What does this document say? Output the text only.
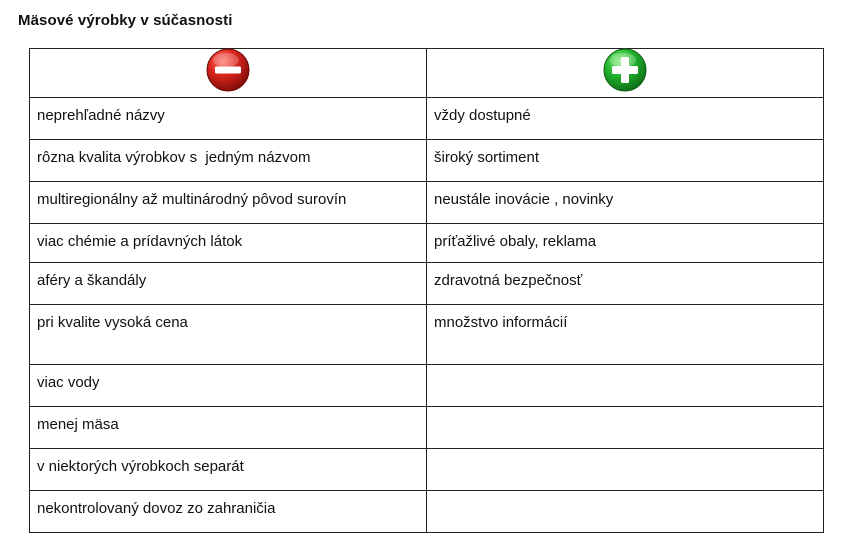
Mäsové výrobky v súčasnosti

neprehľadné názvy	vždy dostupné

rôzna kvalita výrobkov s  jedným názvom	široký sortiment

multiregionálny až multinárodný pôvod surovín	neustále inovácie , novinky

viac chémie a prídavných látok	príťažlivé obaly, reklama

aféry a škandály	zdravotná bezpečnosť

pri kvalite vysoká cena	množstvo informácií

viac vody	

menej mäsa	

v niektorých výrobkoch separát	

nekontrolovaný dovoz zo zahraničia	
